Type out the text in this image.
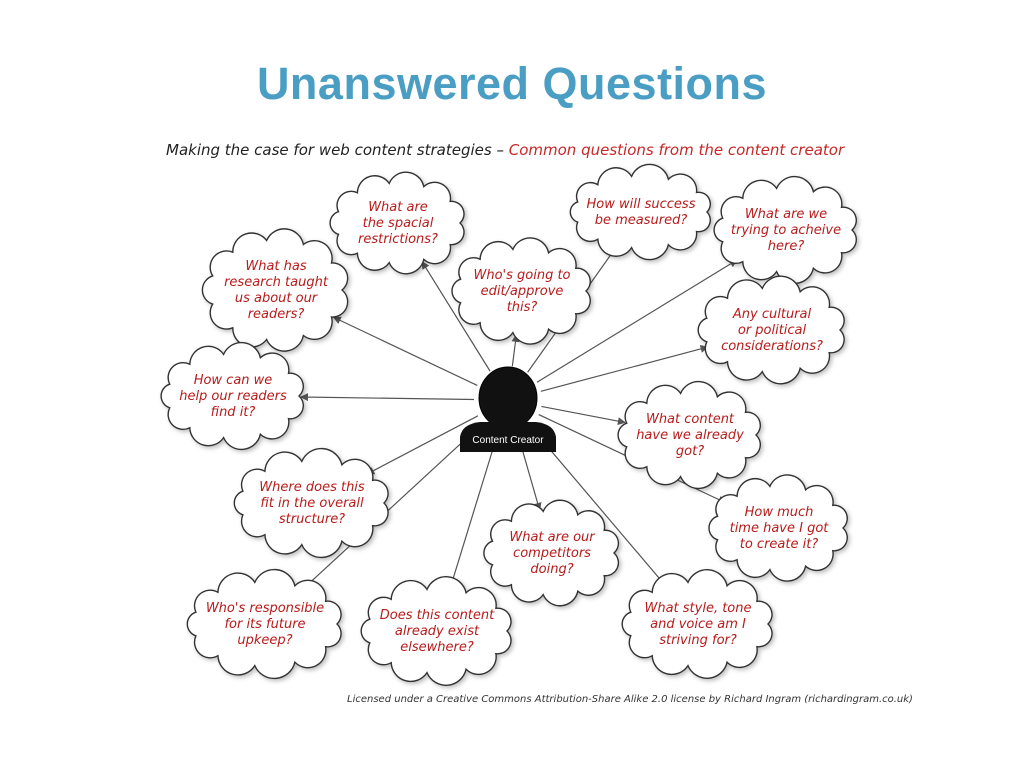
Unanswered Questions
Making the case for web content strategies – Common questions from the content creator
What are
the spacial
restrictions?
How will success
be measured?	What are we
trying to acheive
here?
What has
research taught
us about our
readers?
Who's going to
edit/approve
this?	Any cultural
or political
considerations?
How can we
help our readers
find it?	What content
have we already
got?
Where does this
fit in the overall
structure?	How much
time have I got
to create it?
What are our
competitors
doing?
Who's responsible
for its future
upkeep?
Does this content
already exist
elsewhere?
What style, tone
and voice am I
striving for?
Content Creator
Licensed under a Creative Commons Attribution-Share Alike 2.0 license by Richard Ingram (richardingram.co.uk)
